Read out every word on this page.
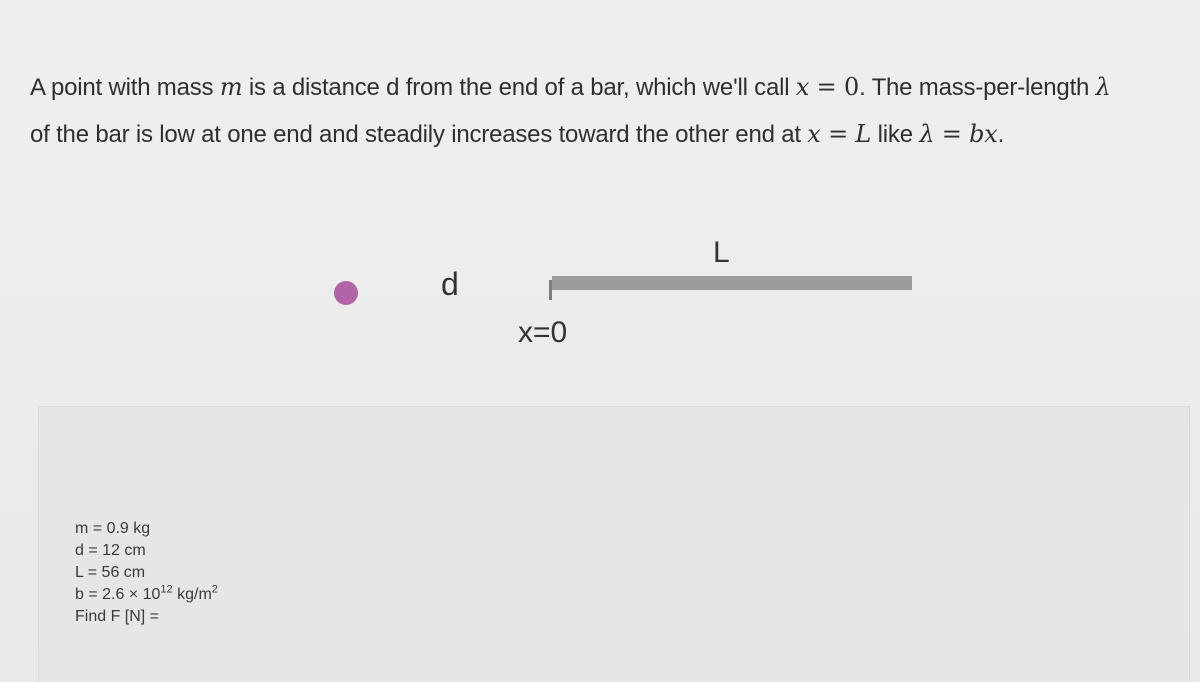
A point with mass m is a distance d from the end of a bar, which we'll call x = 0. The mass-per-length λ
of the bar is low at one end and steadily increases toward the other end at x = L like λ = bx.
d
L
x=0
m = 0.9 kg
d = 12 cm
L = 56 cm
$b = 2.6 \times 10^{12}$ $kg/m^2$
Find F [N] =
